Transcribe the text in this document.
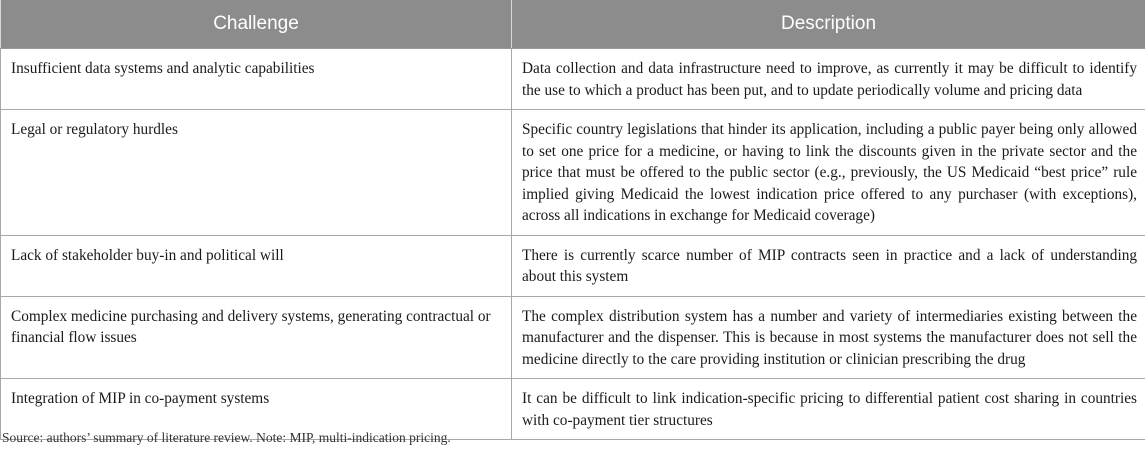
Challenge	Description
Insufficient data systems and analytic capabilities	Data collection and data infrastructure need to improve, as currently it may be difficult to identify the use to which a product has been put, and to update periodically volume and pricing data
Legal or regulatory hurdles	Specific country legislations that hinder its application, including a public payer being only allowed to set one price for a medicine, or having to link the discounts given in the private sector and the price that must be offered to the public sector (e.g., previously, the US Medicaid “best price” rule implied giving Medicaid the lowest indication price offered to any purchaser (with exceptions), across all indications in exchange for Medicaid coverage)
Lack of stakeholder buy-in and political will	There is currently scarce number of MIP contracts seen in practice and a lack of understanding about this system
Complex medicine purchasing and delivery systems, generating contractual or financial flow issues	The complex distribution system has a number and variety of intermediaries existing between the manufacturer and the dispenser. This is because in most systems the manufacturer does not sell the medicine directly to the care providing institution or clinician prescribing the drug
Integration of MIP in co-payment systems	It can be difficult to link indication-specific pricing to differential patient cost sharing in countries with co-payment tier structures
Source: authors’ summary of literature review. Note: MIP, multi-indication pricing.
